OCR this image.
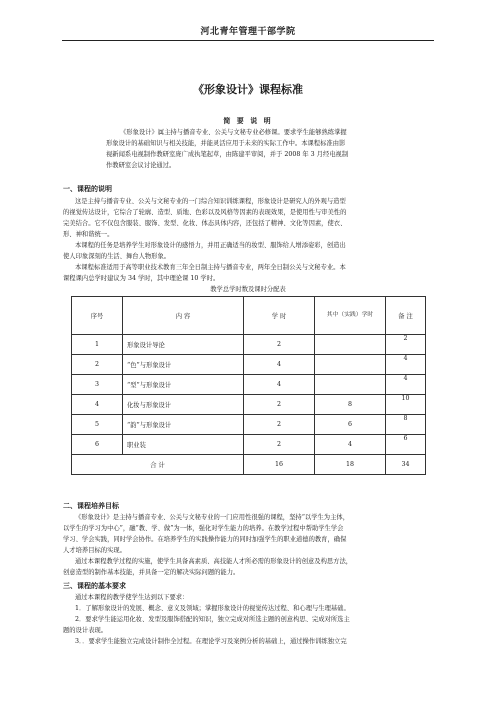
河北青年管理干部学院
《形象设计》课程标准
简 要 说 明

《形象设计》属主持与播音专业、公关与文秘专业必修课。要求学生能够熟练掌握

形象设计的基础知识与相关技能，并能灵活应用于未来的实际工作中。本课程标准由影

视新闻系电视制作教研室庞广成执笔起草，由陈建平审阅，并于 2008 年 3 月经电视制

作教研室会议讨论通过。

一、课程的说明

这是主持与播音专业、公关与文秘专业的一门综合知识训练课程，形象设计是研究人的外观与造型

的视觉传达设计，它综合了轮廓、造型、质地、色彩以及风格等因素的表现效果，是使用性与审美性的

完美结合。它不仅包含服装、服饰、发型、化妆、体态具体内容，还包括了精神、文化等因素，使衣、

形、神和谐统一。

本课程的任务是培养学生对形象设计的感悟力，并用正确适当的妆型、服饰给人增添姿彩，创造出

使人印象深刻的生活、舞台人物形象。

本课程标准适用于高等职业技术教育三年全日制主持与播音专业，两年全日制公关与文秘专业。本

课程课内总学时建议为 34 学时，其中理论课 10 学时。

教学总学时数及课时分配表
序号	内 容	学 时	其中（实践）学时	备 注
1	形象设计导论	2		2
2	“色”与形象设计	4		4
3	“型”与形象设计	4		4
4	化妆与形象设计	2	8	10
5	“韵”与形象设计	2	6	8
6	职业装	2	4	6
合 计		16	18	34
二、课程培养目标

《形象设计》是主持与播音专业、公关与文秘专业的一门应用性很强的课程，坚持“以学生为主体，

以学生的学习为中心”，融“教、学、做”为一体，强化对学生能力的培养。在教学过程中帮助学生学会

学习、学会实践，同时学会协作。在培养学生的实践操作能力的同时加强学生的职业道德的教育，确保

人才培养目标的实现。

通过本课程教学过程的实施，使学生具备高素质、高技能人才所必需的形象设计的创意及构思方法，

创意造型的制作基本技能，并具备一定的解决实际问题的能力。

三、课程的基本要求

通过本课程的教学使学生达到以下要求：

1．了解形象设计的发展、概念、意义及领域；掌握形象设计的视觉传达过程、和心理与生理基础。

2．要求学生能运用化妆、发型及服饰搭配的知识，独立完成对所选主题的创意构思、完成对所选主

题的设计表现。

3．．要求学生能独立完成设计制作全过程。在理论学习及案例分析的基础上，通过操作训练独立完
